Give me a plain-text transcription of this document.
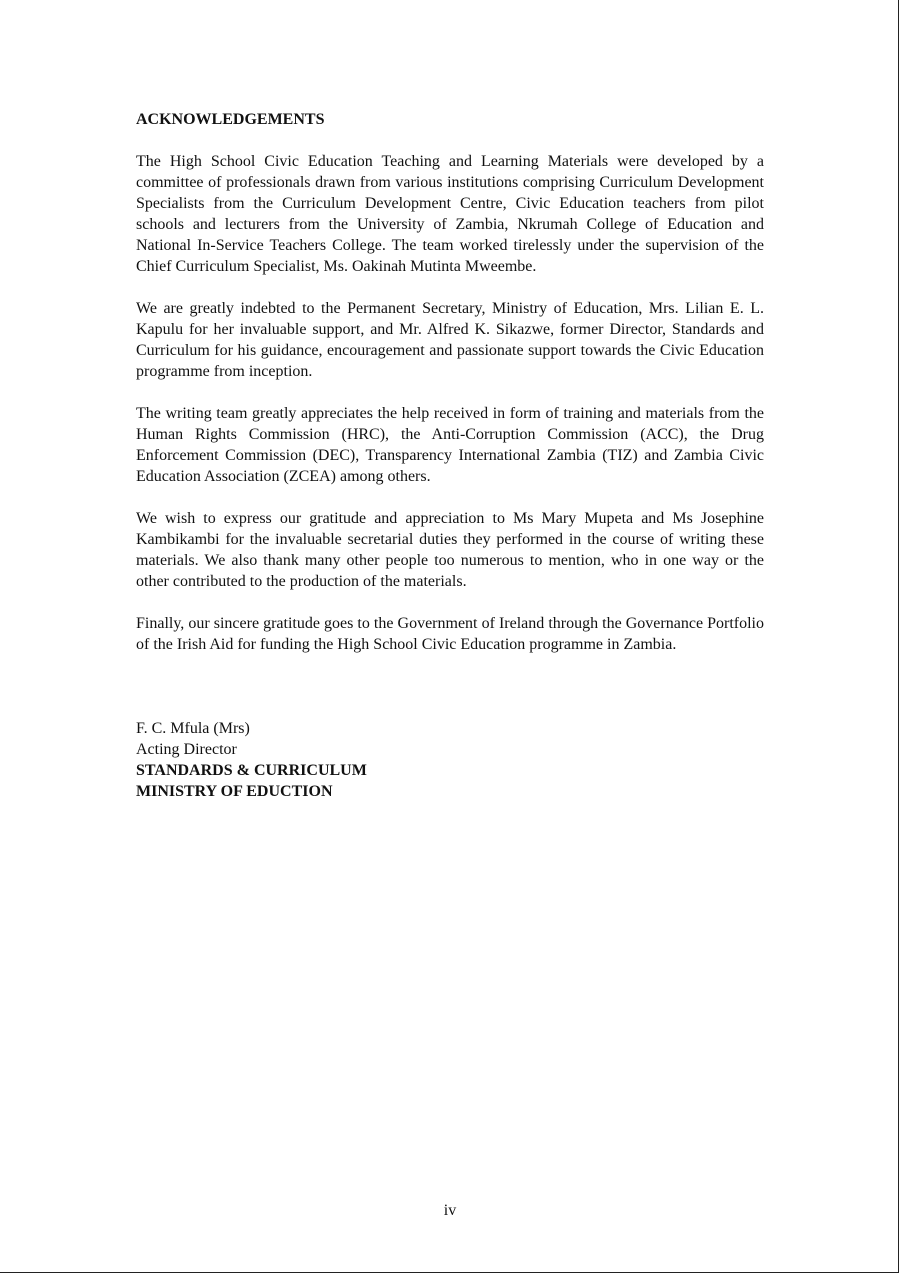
ACKNOWLEDGEMENTS

The High School Civic Education Teaching and Learning Materials were developed by a committee of professionals drawn from various institutions comprising Curriculum Development Specialists from the Curriculum Development Centre, Civic Education teachers from pilot schools and lecturers from the University of Zambia, Nkrumah College of Education and National In-Service Teachers College. The team worked tirelessly under the supervision of the Chief Curriculum Specialist, Ms. Oakinah Mutinta Mweembe.

We are greatly indebted to the Permanent Secretary, Ministry of Education, Mrs. Lilian E. L. Kapulu for her invaluable support, and Mr. Alfred K. Sikazwe, former Director, Standards and Curriculum for his guidance, encouragement and passionate support towards the Civic Education programme from inception.

The writing team greatly appreciates the help received in form of training and materials from the Human Rights Commission (HRC), the Anti-Corruption Commission (ACC), the Drug Enforcement Commission (DEC), Transparency International Zambia (TIZ) and Zambia Civic Education Association (ZCEA) among others.

We wish to express our gratitude and appreciation to Ms Mary Mupeta and Ms Josephine Kambikambi for the invaluable secretarial duties they performed in the course of writing these materials. We also thank many other people too numerous to mention, who in one way or the other contributed to the production of the materials.

Finally, our sincere gratitude goes to the Government of Ireland through the Governance Portfolio of the Irish Aid for funding the High School Civic Education programme in Zambia.

F. C. Mfula (Mrs)
Acting Director
STANDARDS & CURRICULUM
MINISTRY OF EDUCTION
iv
